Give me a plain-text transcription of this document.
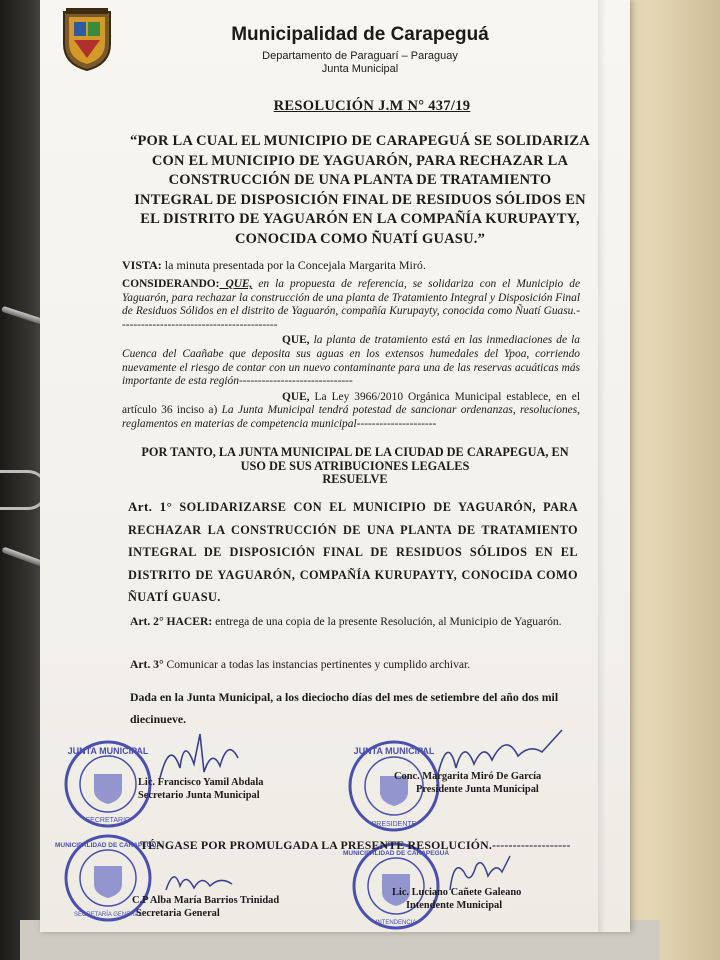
Municipalidad de Carapeguá
Departamento de Paraguarí – Paraguay
Junta Municipal
RESOLUCIÓN J.M N° 437/19
“POR LA CUAL EL MUNICIPIO DE CARAPEGUÁ SE SOLIDARIZA
CON EL MUNICIPIO DE YAGUARÓN, PARA RECHAZAR LA
CONSTRUCCIÓN DE UNA PLANTA DE TRATAMIENTO
INTEGRAL DE DISPOSICIÓN FINAL DE RESIDUOS SÓLIDOS EN
EL DISTRITO DE YAGUARÓN EN LA COMPAÑÍA KURUPAYTY,
CONOCIDA COMO ÑUATÍ GUASU.”
VISTA: la minuta presentada por la Concejala Margarita Miró.

CONSIDERANDO: QUE, en la propuesta de referencia, se solidariza con el Municipio de Yaguarón, para rechazar la construcción de una planta de Tratamiento Integral y Disposición Final de Residuos Sólidos en el distrito de Yaguarón, compañía Kurupayty, conocida como Ñuatí Guasu.- -----------------------------------------

QUE, la planta de tratamiento está en las inmediaciones de la Cuenca del Caañabe que deposita sus aguas en los extensos humedales del Ypoa, corriendo nuevamente el riesgo de contar con un nuevo contaminante para una de las reservas acuáticas más importante de esta región------------------------------

QUE, La Ley 3966/2010 Orgánica Municipal establece, en el artículo 36 inciso a) La Junta Municipal tendrá potestad de sancionar ordenanzas, resoluciones, reglamentos en materias de competencia municipal---------------------

POR TANTO, LA JUNTA MUNICIPAL DE LA CIUDAD DE CARAPEGUA, EN
USO DE SUS ATRIBUCIONES LEGALES
RESUELVE
Art. 1° SOLIDARIZARSE CON EL MUNICIPIO DE YAGUARÓN, PARA RECHAZAR LA CONSTRUCCIÓN DE UNA PLANTA DE TRATAMIENTO INTEGRAL DE DISPOSICIÓN FINAL DE RESIDUOS SÓLIDOS EN EL DISTRITO DE YAGUARÓN, COMPAÑÍA KURUPAYTY, CONOCIDA COMO ÑUATÍ GUASU.
Art. 2° HACER: entrega de una copia de la presente Resolución, al Municipio de Yaguarón.
Art. 3° Comunicar a todas las instancias pertinentes y cumplido archivar.
Dada en la Junta Municipal, a los dieciocho días del mes de setiembre del año dos mil diecinueve.
JUNTA MUNICIPAL
SECRETARIO
JUNTA MUNICIPAL
PRESIDENTE
MUNICIPALIDAD DE CARAPEGUÁ
SECRETARÍA GENERAL
MUNICIPALIDAD DE CARAPEGUÁ
INTENDENCIA
Lic. Francisco Yamil Abdala
Secretario Junta Municipal
Conc. Margarita Miró De García
Presidente Junta Municipal
TÉNGASE POR PROMULGADA LA PRESENTE RESOLUCIÓN.-------------------
C.P Alba María Barrios Trinidad
Secretaria General
Lic. Luciano Cañete Galeano
Intendente Municipal
